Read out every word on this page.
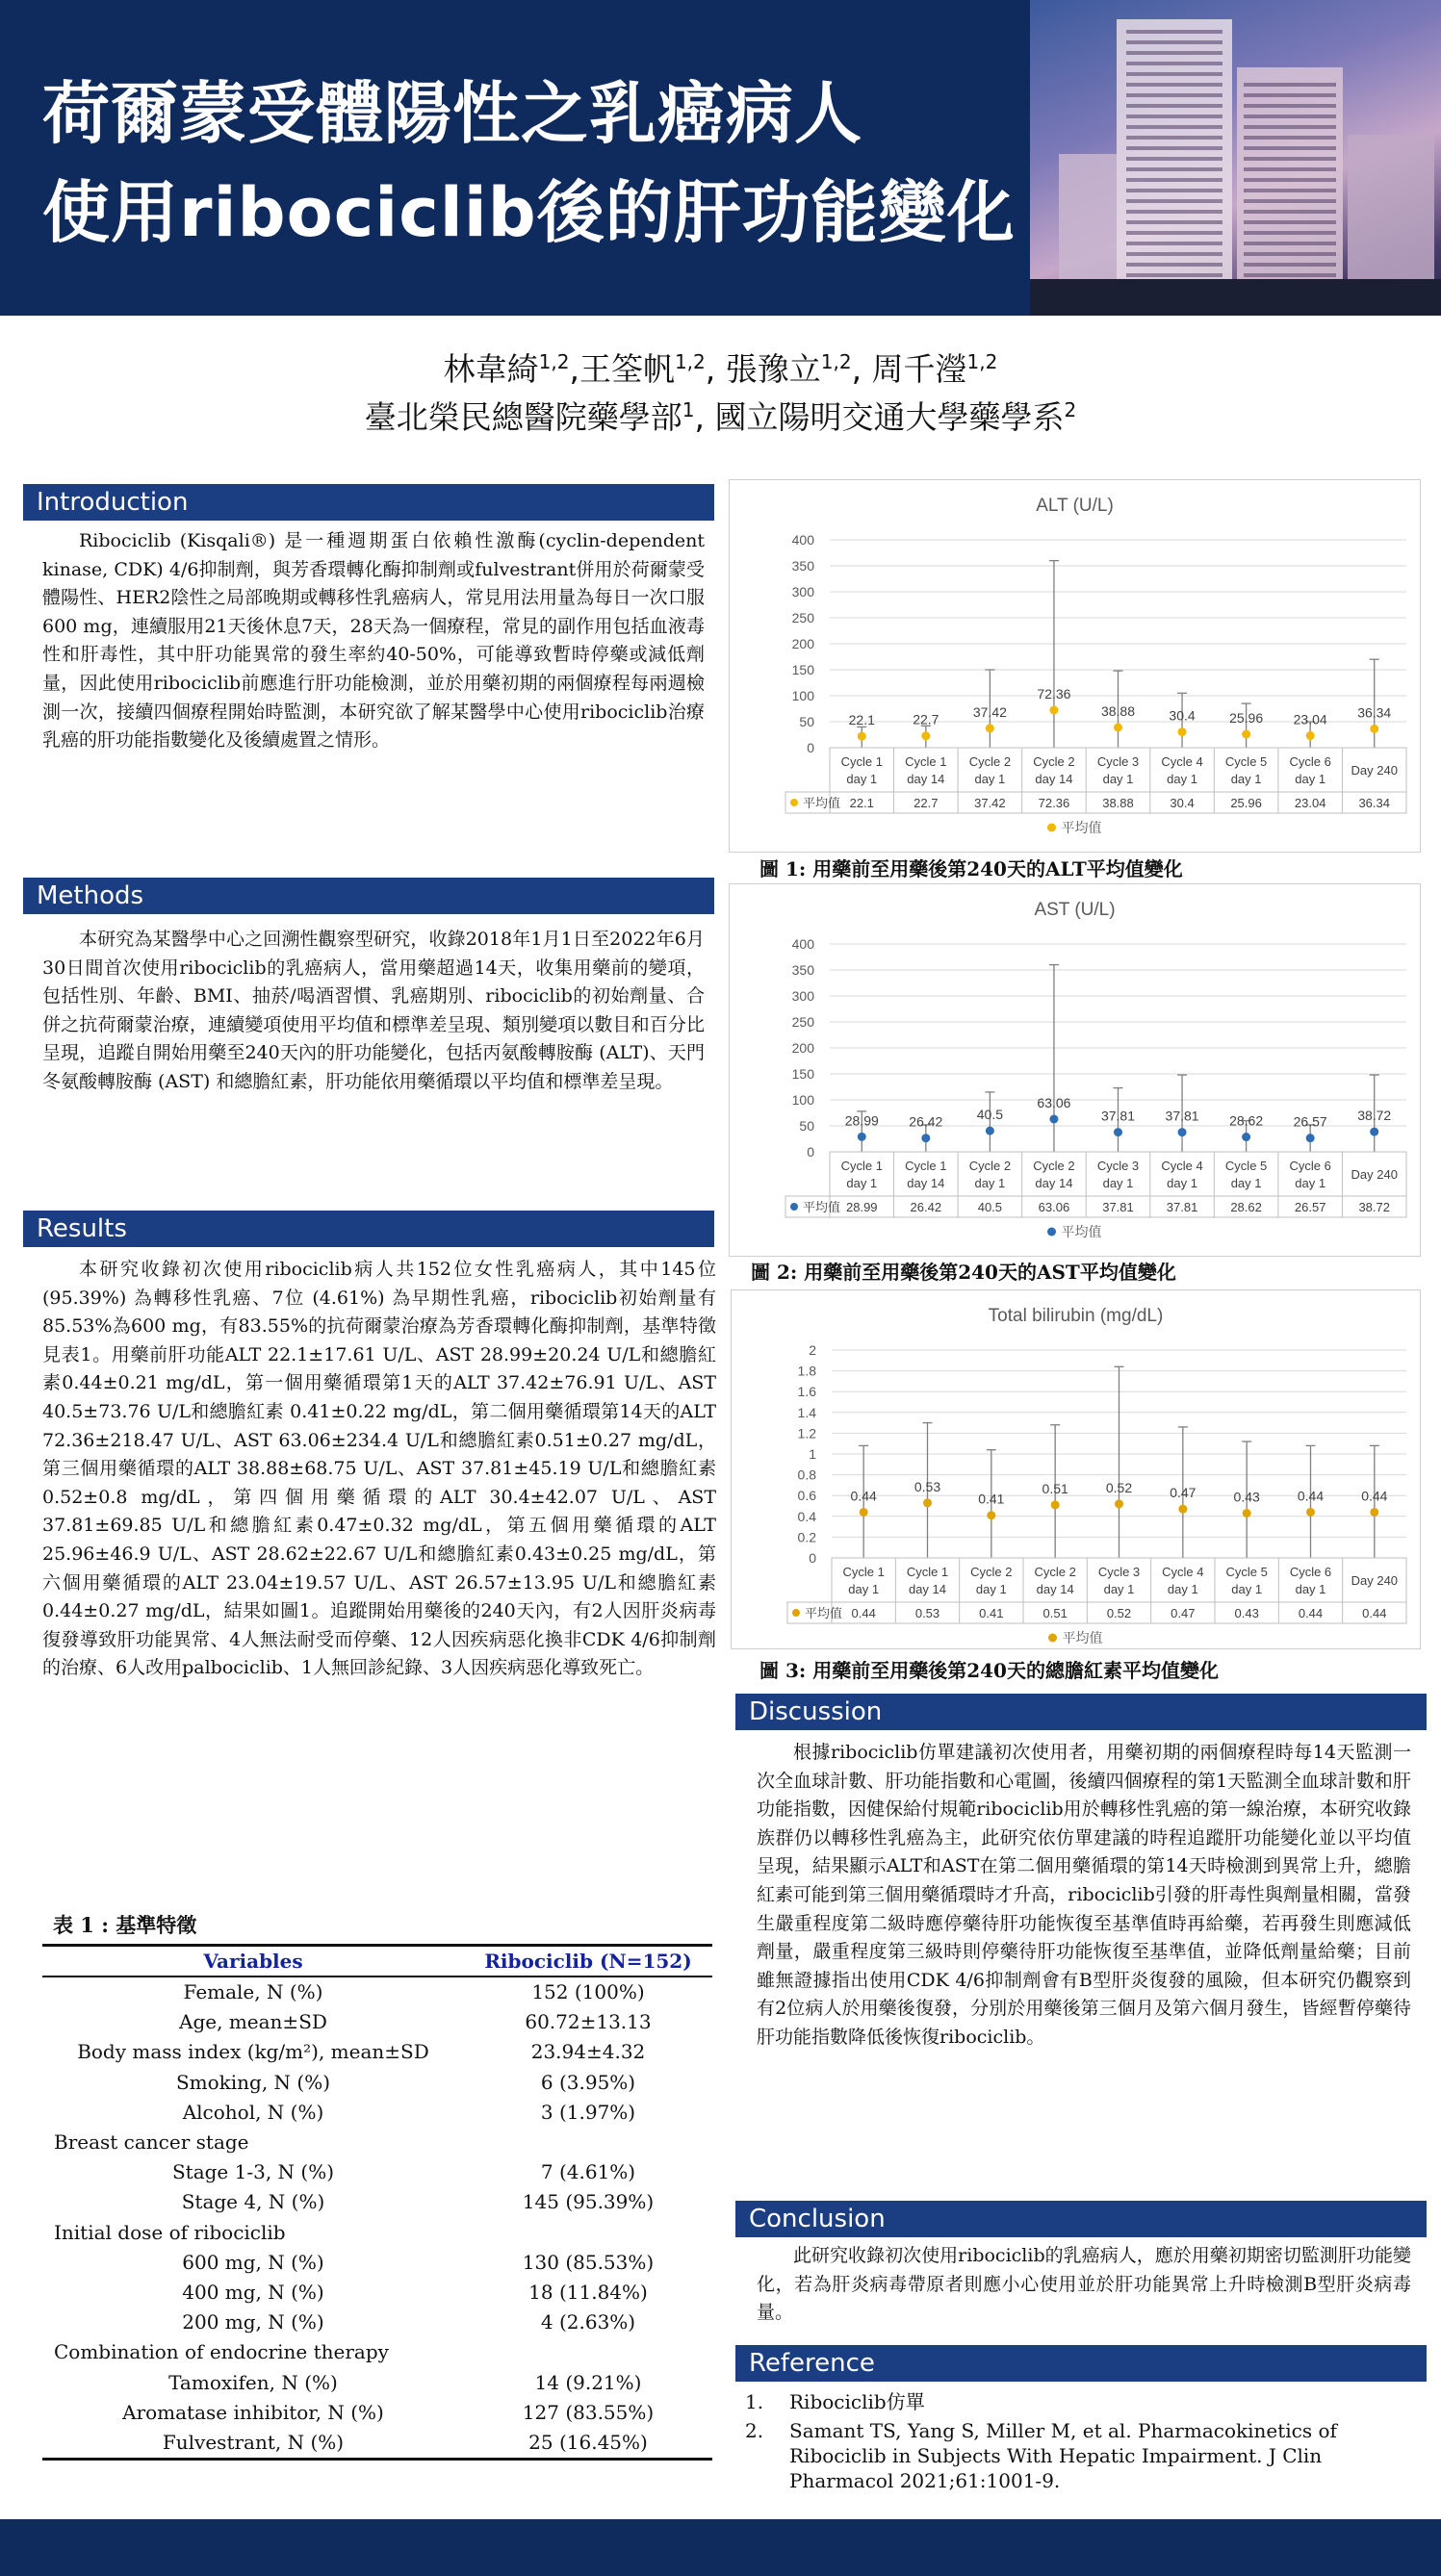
荷爾蒙受體陽性之乳癌病人
使用ribociclib後的肝功能變化
林韋綺$^{1,2}$,王筌帆$^{1,2}$, 張豫立$^{1,2}$, 周千瀅$^{1,2}$
臺北榮民總醫院藥學部$^1$, 國立陽明交通大學藥學系$^2$
Introduction

Ribociclib (Kisqali®) 是一種週期蛋白依賴性激酶(cyclin-dependent kinase, CDK) 4/6抑制劑，與芳香環轉化酶抑制劑或fulvestrant併用於荷爾蒙受體陽性、HER2陰性之局部晚期或轉移性乳癌病人，常見用法用量為每日一次口服600 mg，連續服用21天後休息7天，28天為一個療程，常見的副作用包括血液毒性和肝毒性，其中肝功能異常的發生率約40-50%，可能導致暫時停藥或減低劑量，因此使用ribociclib前應進行肝功能檢測，並於用藥初期的兩個療程每兩週檢測一次，接續四個療程開始時監測，本研究欲了解某醫學中心使用ribociclib治療乳癌的肝功能指數變化及後續處置之情形。

Methods

本研究為某醫學中心之回溯性觀察型研究，收錄2018年1月1日至2022年6月30日間首次使用ribociclib的乳癌病人，當用藥超過14天，收集用藥前的變項，包括性別、年齡、BMI、抽菸/喝酒習慣、乳癌期別、ribociclib的初始劑量、合併之抗荷爾蒙治療，連續變項使用平均值和標準差呈現、類別變項以數目和百分比呈現，追蹤自開始用藥至240天內的肝功能變化，包括丙氨酸轉胺酶 (ALT)、天門冬氨酸轉胺酶 (AST) 和總膽紅素，肝功能依用藥循環以平均值和標準差呈現。

Results

本研究收錄初次使用ribociclib病人共152位女性乳癌病人，其中145位 (95.39%) 為轉移性乳癌、7位 (4.61%) 為早期性乳癌，ribociclib初始劑量有85.53%為600 mg，有83.55%的抗荷爾蒙治療為芳香環轉化酶抑制劑，基準特徵見表1。用藥前肝功能ALT 22.1±17.61 U/L、AST 28.99±20.24 U/L和總膽紅素0.44±0.21 mg/dL，第一個用藥循環第1天的ALT 37.42±76.91 U/L、AST 40.5±73.76 U/L和總膽紅素 0.41±0.22 mg/dL，第二個用藥循環第14天的ALT 72.36±218.47 U/L、AST 63.06±234.4 U/L和總膽紅素0.51±0.27 mg/dL，第三個用藥循環的ALT 38.88±68.75 U/L、AST 37.81±45.19 U/L和總膽紅素0.52±0.8 mg/dL，第四個用藥循環的ALT 30.4±42.07 U/L、AST 37.81±69.85 U/L和總膽紅素0.47±0.32 mg/dL，第五個用藥循環的ALT 25.96±46.9 U/L、AST 28.62±22.67 U/L和總膽紅素0.43±0.25 mg/dL，第六個用藥循環的ALT 23.04±19.57 U/L、AST 26.57±13.95 U/L和總膽紅素0.44±0.27 mg/dL，結果如圖1。追蹤開始用藥後的240天內，有2人因肝炎病毒復發導致肝功能異常、4人無法耐受而停藥、12人因疾病惡化換非CDK 4/6抑制劑的治療、6人改用palbociclib、1人無回診紀錄、3人因疾病惡化導致死亡。

表 1 : 基準特徵
Variables	Ribociclib (N=152)
Female, N (%)	152 (100%)
Age, mean±SD	60.72±13.13
Body mass index (kg/m²), mean±SD	23.94±4.32
Smoking, N (%)	6 (3.95%)
Alcohol, N (%)	3 (1.97%)
Breast cancer stage	
Stage 1-3, N (%)	7 (4.61%)
Stage 4, N (%)	145 (95.39%)
Initial dose of ribociclib	
600 mg, N (%)	130 (85.53%)
400 mg, N (%)	18 (11.84%)
200 mg, N (%)	4 (2.63%)
Combination of endocrine therapy	
Tamoxifen, N (%)	14 (9.21%)
Aromatase inhibitor, N (%)	127 (83.55%)
Fulvestrant, N (%)	25 (16.45%)
ALT (U/L)
0
50
100
150
200
250
300
350
400
22.1	22.7	37.42
72.36
38.88	30.4	25.96 23.04 36.34
Cycle 1
day 1
22.1
Cycle 1
day 14
22.7
Cycle 2
day 1
37.42
Cycle 2
day 14
72.36
Cycle 3
day 1
38.88
Cycle 4
day 1
30.4
Cycle 5
day 1
25.96
Cycle 6
day 1
23.04
Day 240
36.34
平均值
平均值
圖 1: 用藥前至用藥後第240天的ALT平均值變化
AST (U/L)
0
50
100
150
200
250
300
350
400
28.99 26.42	40.5
63.06
37.81 37.81 28.62 26.57 38.72
Cycle 1
day 1
28.99
Cycle 1
day 14
26.42
Cycle 2
day 1
40.5
Cycle 2
day 14
63.06
Cycle 3
day 1
37.81
Cycle 4
day 1
37.81
Cycle 5
day 1
28.62
Cycle 6
day 1
26.57
Day 240
38.72
平均值
平均值
圖 2: 用藥前至用藥後第240天的AST平均值變化
Total bilirubin (mg/dL)
0
0.2
0.4
0.6
0.8
1
1.2
1.4
1.6
1.8
2
0.44
0.53
0.41
0.51	0.52	0.47	0.43	0.44	0.44
Cycle 1
day 1
0.44
Cycle 1
day 14
0.53
Cycle 2
day 1
0.41
Cycle 2
day 14
0.51
Cycle 3
day 1
0.52
Cycle 4
day 1
0.47
Cycle 5
day 1
0.43
Cycle 6
day 1
0.44
Day 240
0.44
平均值
平均值
圖 3: 用藥前至用藥後第240天的總膽紅素平均值變化
Discussion

根據ribociclib仿單建議初次使用者，用藥初期的兩個療程時每14天監測一次全血球計數、肝功能指數和心電圖，後續四個療程的第1天監測全血球計數和肝功能指數，因健保給付規範ribociclib用於轉移性乳癌的第一線治療，本研究收錄族群仍以轉移性乳癌為主，此研究依仿單建議的時程追蹤肝功能變化並以平均值呈現，結果顯示ALT和AST在第二個用藥循環的第14天時檢測到異常上升，總膽紅素可能到第三個用藥循環時才升高，ribociclib引發的肝毒性與劑量相關，當發生嚴重程度第二級時應停藥待肝功能恢復至基準值時再給藥，若再發生則應減低劑量，嚴重程度第三級時則停藥待肝功能恢復至基準值，並降低劑量給藥；目前雖無證據指出使用CDK 4/6抑制劑會有B型肝炎復發的風險，但本研究仍觀察到有2位病人於用藥後復發，分別於用藥後第三個月及第六個月發生，皆經暫停藥待肝功能指數降低後恢復ribociclib。

Conclusion

此研究收錄初次使用ribociclib的乳癌病人，應於用藥初期密切監測肝功能變化，若為肝炎病毒帶原者則應小心使用並於肝功能異常上升時檢測B型肝炎病毒量。

Reference
1. Ribociclib仿單
2. Samant TS, Yang S, Miller M, et al. Pharmacokinetics of Ribociclib in Subjects With Hepatic Impairment. J Clin Pharmacol 2021;61:1001-9.
